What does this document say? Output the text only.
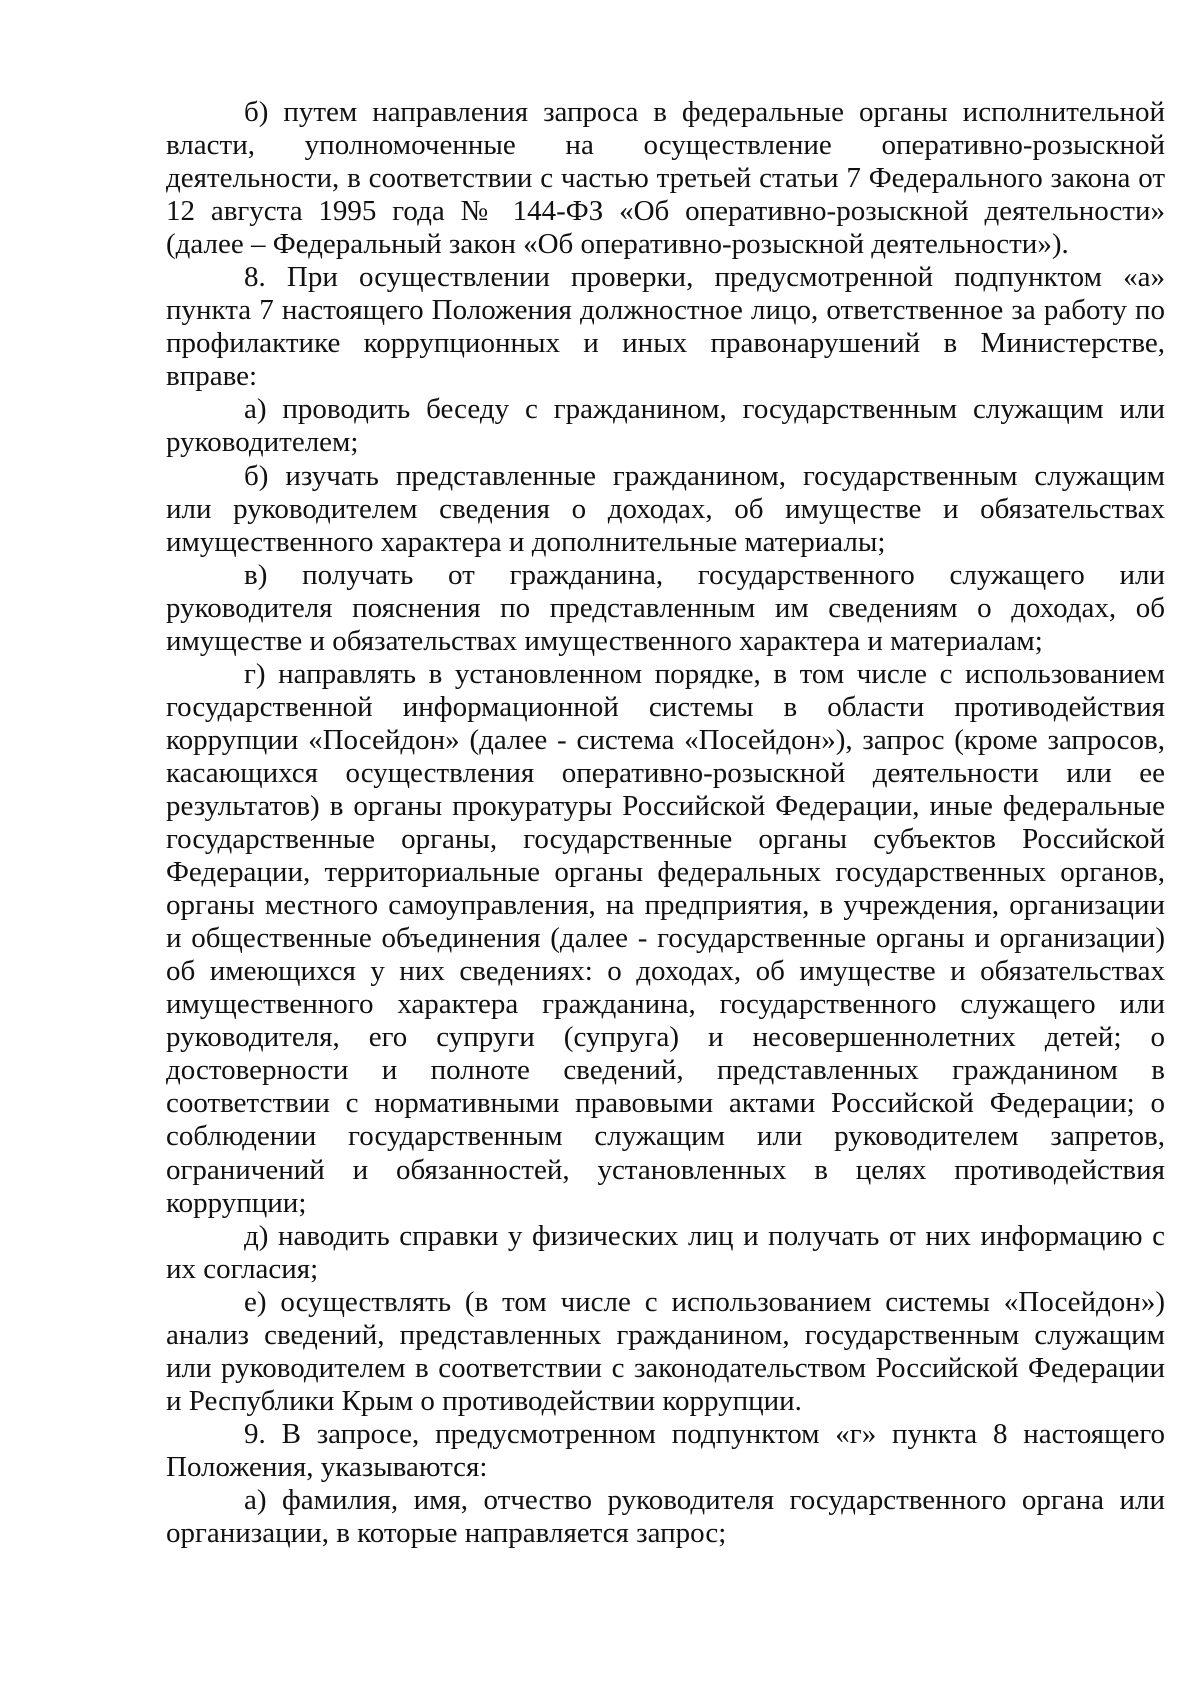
б) путем направления запроса в федеральные органы исполнительной власти, уполномоченные на осуществление оперативно-розыскной деятельности, в соответствии с частью третьей статьи 7 Федерального закона от 12 августа 1995 года № 144-ФЗ «Об оперативно-розыскной деятельности» (далее – Федеральный закон «Об оперативно-розыскной деятельности»).

8. При осуществлении проверки, предусмотренной подпунктом «а» пункта 7 настоящего Положения должностное лицо, ответственное за работу по профилактике коррупционных и иных правонарушений в Министерстве, вправе:

а) проводить беседу с гражданином, государственным служащим или руководителем;

б) изучать представленные гражданином, государственным служащим или руководителем сведения о доходах, об имуществе и обязательствах имущественного характера и дополнительные материалы;

в) получать от гражданина, государственного служащего или руководителя пояснения по представленным им сведениям о доходах, об имуществе и обязательствах имущественного характера и материалам;

г) направлять в установленном порядке, в том числе с использованием государственной информационной системы в области противодействия коррупции «Посейдон» (далее - система «Посейдон»), запрос (кроме запросов, касающихся осуществления оперативно-розыскной деятельности или ее результатов) в органы прокуратуры Российской Федерации, иные федеральные государственные органы, государственные органы субъектов Российской Федерации, территориальные органы федеральных государственных органов, органы местного самоуправления, на предприятия, в учреждения, организации и общественные объединения (далее - государственные органы и организации) об имеющихся у них сведениях: о доходах, об имуществе и обязательствах имущественного характера гражданина, государственного служащего или руководителя, его супруги (супруга) и несовершеннолетних детей; о достоверности и полноте сведений, представленных гражданином в соответствии с нормативными правовыми актами Российской Федерации; о соблюдении государственным служащим или руководителем запретов, ограничений и обязанностей, установленных в целях противодействия коррупции;

д) наводить справки у физических лиц и получать от них информацию с их согласия;

е) осуществлять (в том числе с использованием системы «Посейдон») анализ сведений, представленных гражданином, государственным служащим или руководителем в соответствии с законодательством Российской Федерации и Республики Крым о противодействии коррупции.

9. В запросе, предусмотренном подпунктом «г» пункта 8 настоящего Положения, указываются:

а) фамилия, имя, отчество руководителя государственного органа или организации, в которые направляется запрос;
